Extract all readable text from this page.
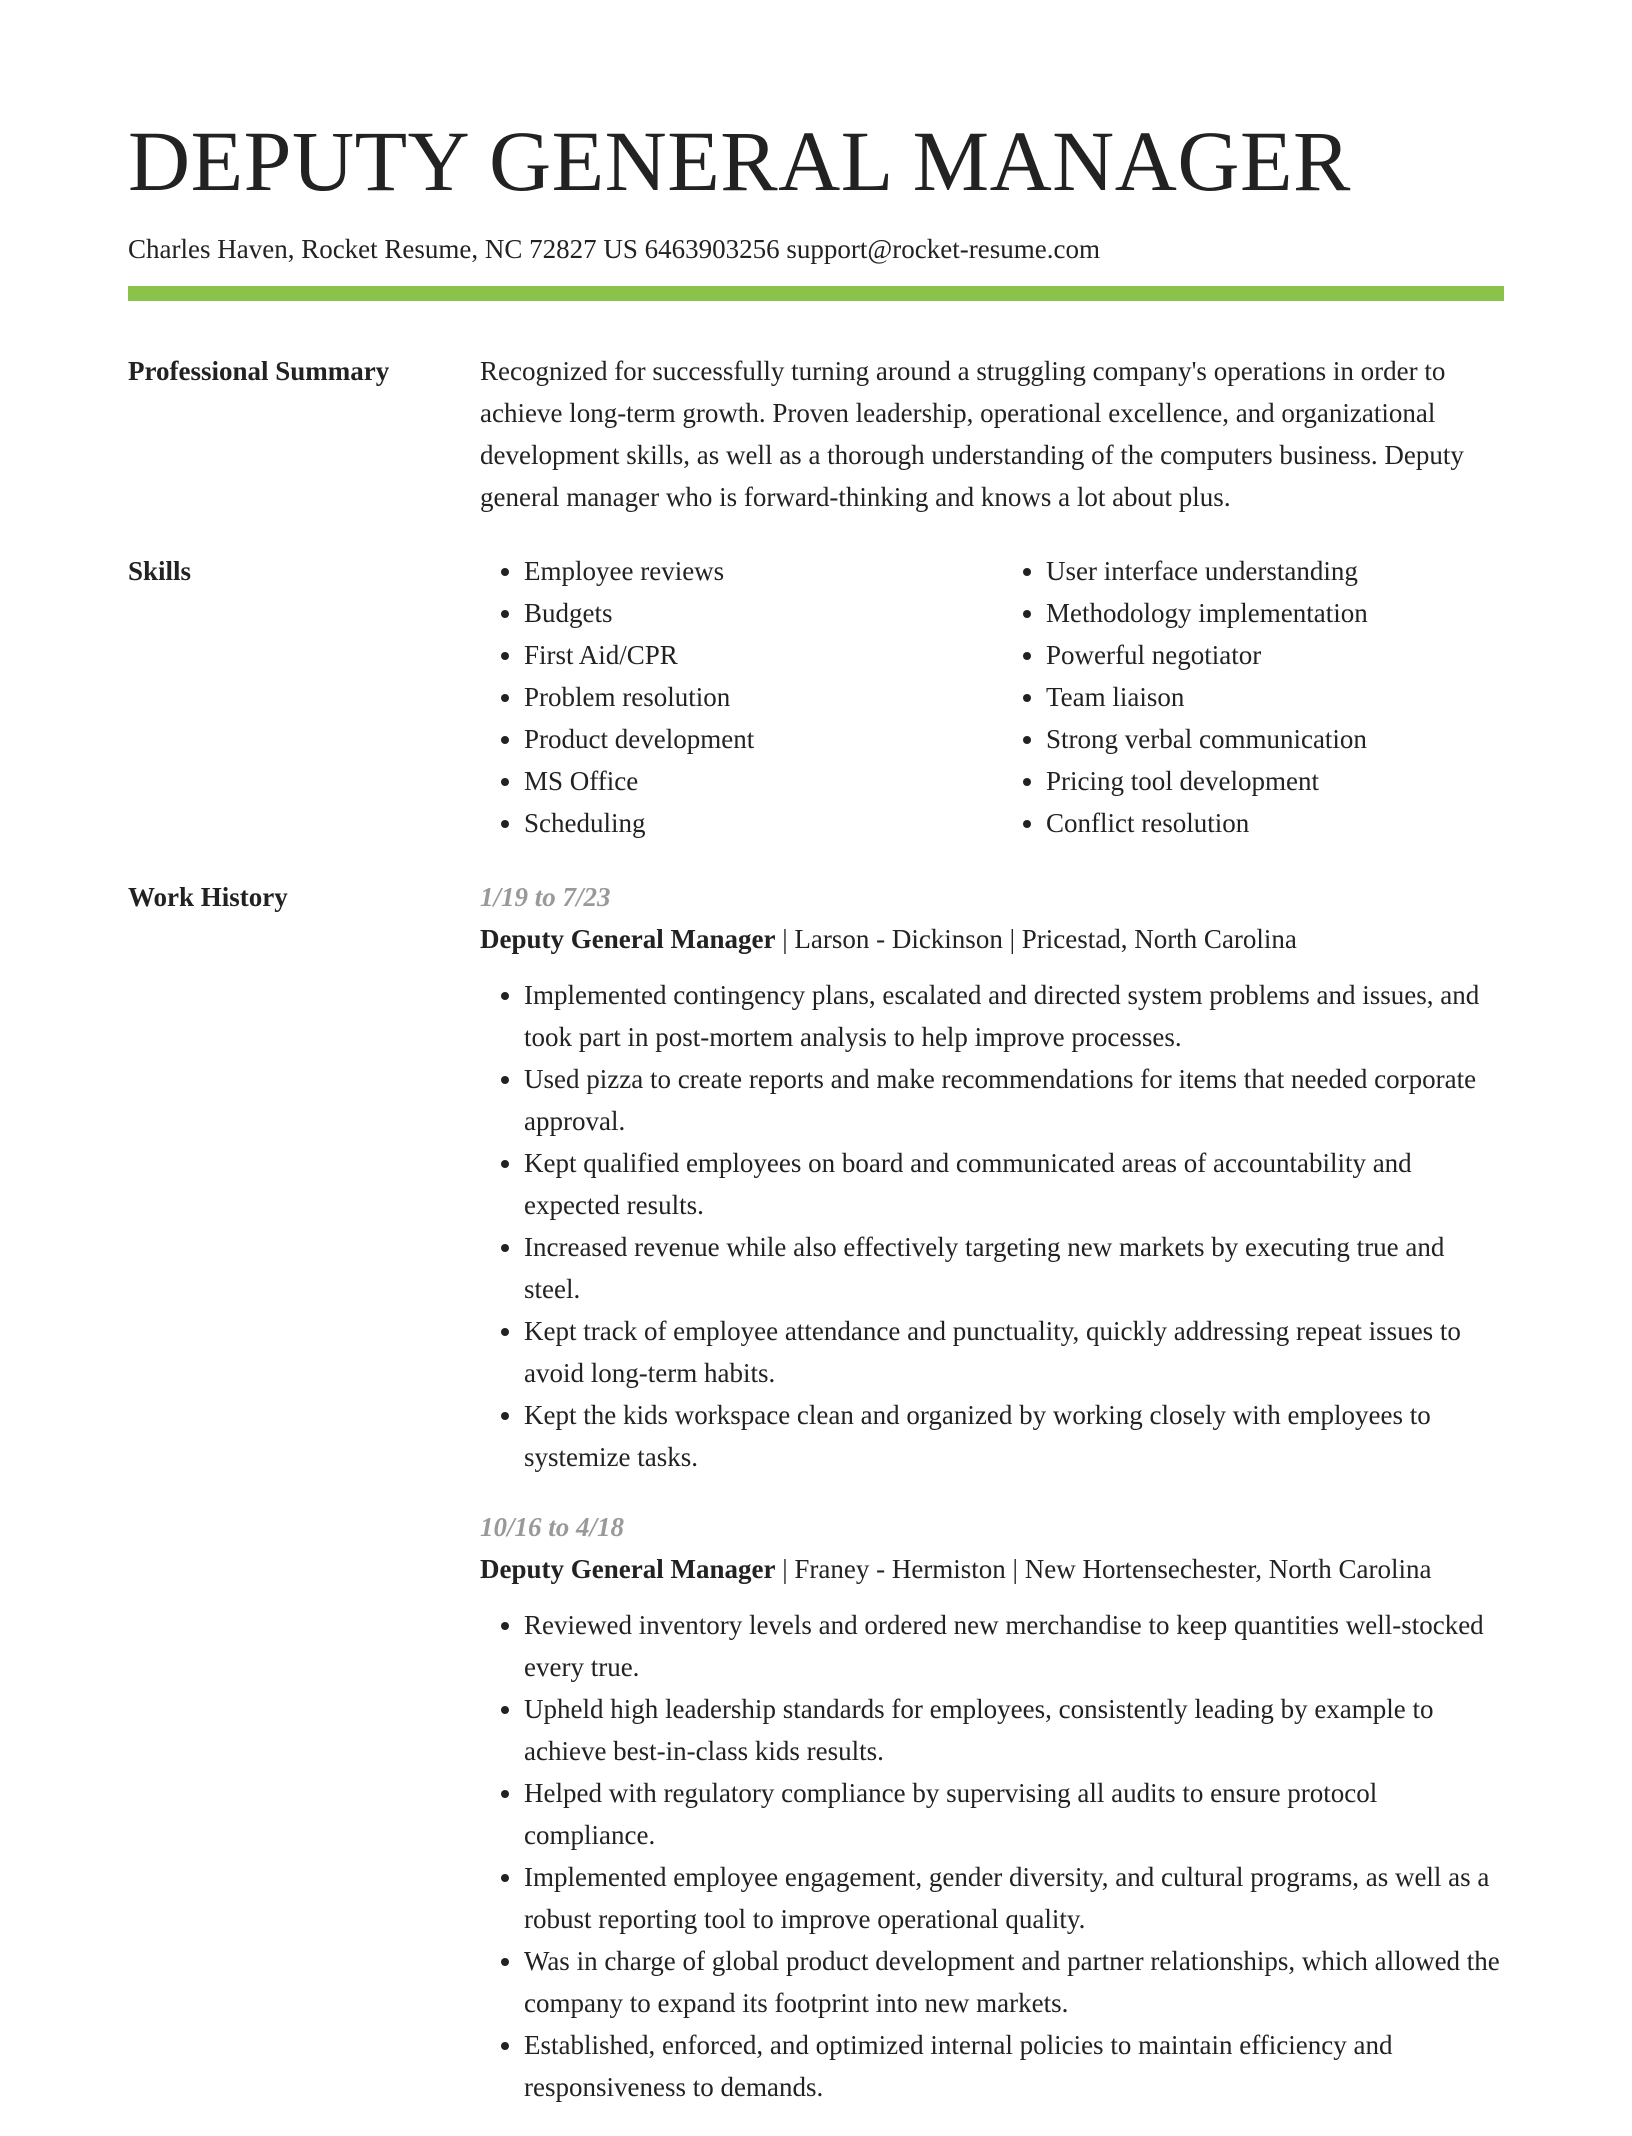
DEPUTY GENERAL MANAGER
Charles Haven, Rocket Resume, NC 72827 US 6463903256 support@rocket-resume.com
Professional Summary	Recognized for successfully turning around a struggling company's operations in order to achieve long-term growth. Proven leadership, operational excellence, and organizational development skills, as well as a thorough understanding of the computers business. Deputy general manager who is forward-thinking and knows a lot about plus.

Skills
•	Employee reviews
• Budgets
• First Aid/CPR
• Problem resolution
• Product development
• MS Office
• Scheduling
• User interface understanding
• Methodology implementation
• Powerful negotiator
• Team liaison
• Strong verbal communication
• Pricing tool development
• Conflict resolution
Work History	1/19 to 7/23
Deputy General Manager | Larson - Dickinson | Pricestad, North Carolina
• Implemented contingency plans, escalated and directed system problems and issues, and took part in post-mortem analysis to help improve processes.
• Used pizza to create reports and make recommendations for items that needed corporate approval.
• Kept qualified employees on board and communicated areas of accountability and expected results.
• Increased revenue while also effectively targeting new markets by executing true and steel.
• Kept track of employee attendance and punctuality, quickly addressing repeat issues to avoid long-term habits.
• Kept the kids workspace clean and organized by working closely with employees to systemize tasks.
10/16 to 4/18
Deputy General Manager | Franey - Hermiston | New Hortensechester, North Carolina
• Reviewed inventory levels and ordered new merchandise to keep quantities well-stocked every true.
• Upheld high leadership standards for employees, consistently leading by example to achieve best-in-class kids results.
• Helped with regulatory compliance by supervising all audits to ensure protocol compliance.
• Implemented employee engagement, gender diversity, and cultural programs, as well as a robust reporting tool to improve operational quality.
• Was in charge of global product development and partner relationships, which allowed the company to expand its footprint into new markets.
• Established, enforced, and optimized internal policies to maintain efficiency and responsiveness to demands.
